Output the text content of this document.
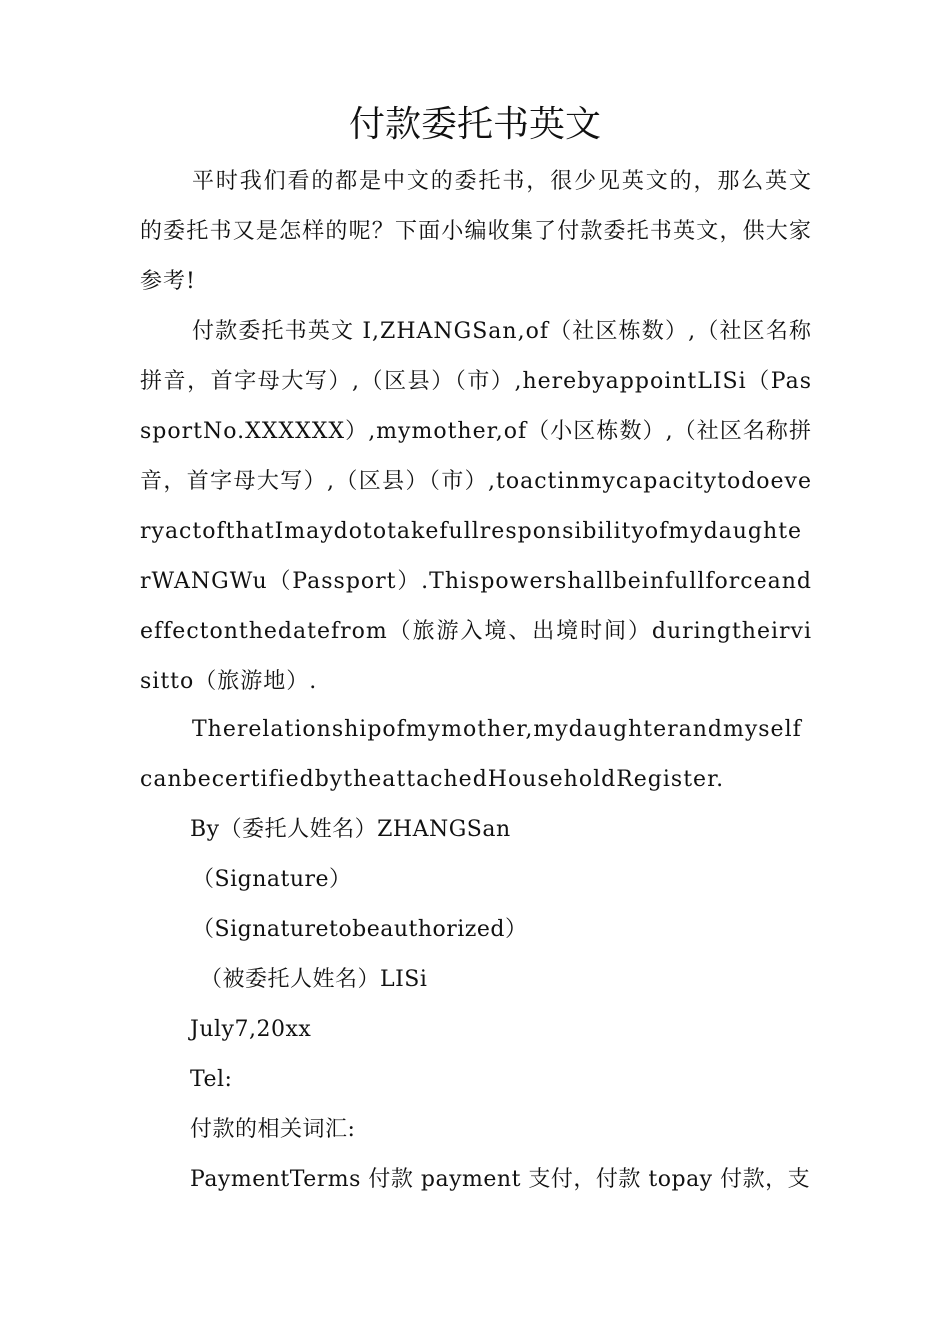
付款委托书英文

平时我们看的都是中文的委托书，很少见英文的，那么英文的委托书又是怎样的呢？下面小编收集了付款委托书英文，供大家参考!

付款委托书英文 I,ZHANGSan,of（社区栋数）,（社区名称拼音，首字母大写）,（区县）（市）,herebyappointLISi（PassportNo.XXXXXX）,mymother,of（小区栋数）,（社区名称拼音，首字母大写）,（区县）（市）,toactinmycapacitytodoeveryactofthatImaydototakefullresponsibilityofmydaughterWANGWu（Passport）.Thispowershallbeinfullforceandeffectonthedatefrom（旅游入境、出境时间）duringtheirvisitto（旅游地）.

Therelationshipofmymother,mydaughterandmyselfcanbecertifiedbytheattachedHouseholdRegister.

By（委托人姓名）ZHANGSan

（Signature）

（Signaturetobeauthorized）

（被委托人姓名）LISi

July7,20xx

Tel:

付款的相关词汇:

PaymentTerms 付款 payment 支付，付款 topay 付款，支
